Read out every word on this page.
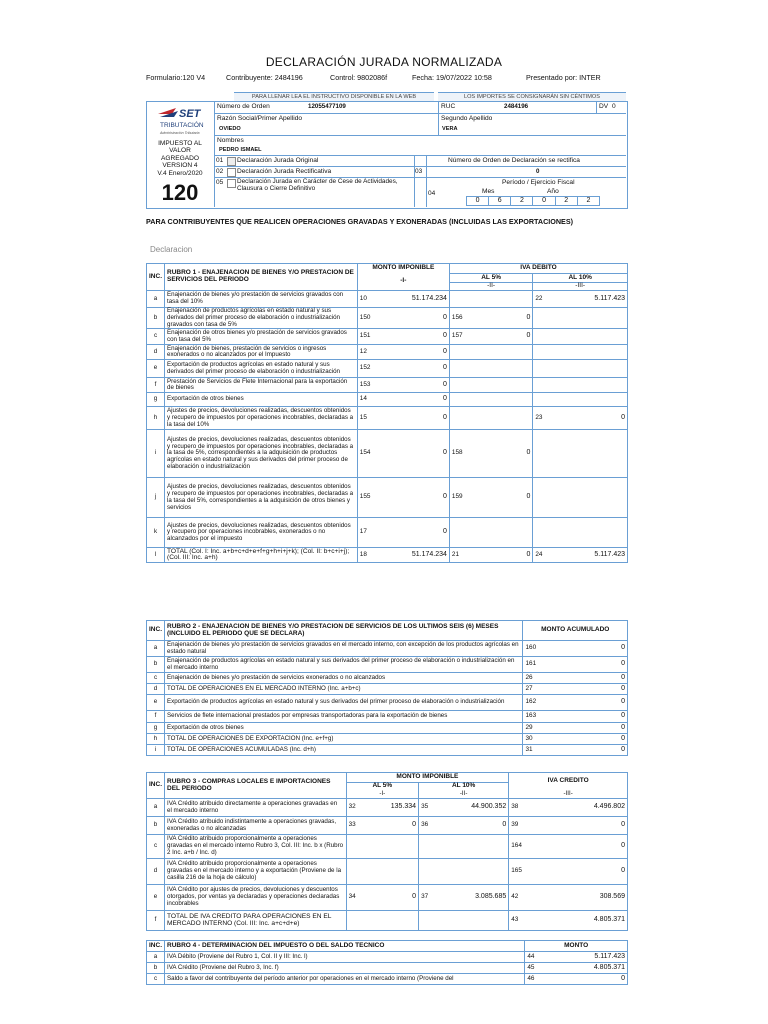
DECLARACIÓN JURADA NORMALIZADA
Formulario:120 V4	Contribuyente: 2484196	Control: 9802086f	Fecha: 19/07/2022 10:58	Presentado por: INTER
PARA LLENAR LEA EL INSTRUCTIVO DISPONIBLE EN LA WEB	LOS IMPORTES SE CONSIGNARÁN SIN CÉNTIMOS
SET
TRIBUTACIÓN
Administración Tributaria
IMPUESTO AL VALOR AGREGADO
VERSION 4
V.4 Enero/2020
120
Número de Orden	12055477109	RUC	2484196	DV 0
Razón Social/Primer Apellido
OVIEDO
Segundo Apellido
VERA
Nombres
PEDRO ISMAEL
01 Declaración Jurada Original
02 Declaración Jurada Rectificativa
05 Declaración Jurada en Carácter de Cese de Actividades, Clausura o Cierre Definitivo
Número de Orden de Declaración se rectifica
03	0
04
Período / Ejercicio Fiscal
Mes	Año
0	6	2	0	2	2
PARA CONTRIBUYENTES QUE REALICEN OPERACIONES GRAVADAS Y EXONERADAS (INCLUIDAS LAS EXPORTACIONES)
Declaracion
INC.	RUBRO 1 - ENAJENACION DE BIENES Y/O PRESTACION DE SERVICIOS DEL PERIODO	MONTO IMPONIBLE		IVA DEBITO			
		-I-		AL 5%		AL 10%	
				-II-		-III-	
a	Enajenación de bienes y/o prestación de servicios gravados con tasa del 10%	10	51.174.234			22	5.117.423
b	Enajenación de productos agrícolas en estado natural y sus derivados del primer proceso de elaboración o industrialización gravados con tasa de 5%	150	0	156	0		
c	Enajenación de otros bienes y/o prestación de servicios gravados con tasa del 5%	151	0	157	0		
d	Enajenación de bienes, prestación de servicios o ingresos exonerados o no alcanzados por el Impuesto	12	0				
e	Exportación de productos agrícolas en estado natural y sus derivados del primer proceso de elaboración o industrialización	152	0				
f	Prestación de Servicios de Flete Internacional para la exportación de bienes	153	0				
g	Exportación de otros bienes	14	0				
h	Ajustes de precios, devoluciones realizadas, descuentos obtenidos y recupero de impuestos por operaciones incobrables, declaradas a la tasa del 10%	15	0			23	0
i	Ajustes de precios, devoluciones realizadas, descuentos obtenidos y recupero de impuestos por operaciones incobrables, declaradas a la tasa de 5%, correspondientes a la adquisición de productos agrícolas en estado natural y sus derivados del primer proceso de elaboración o industrialización	154	0	158	0		
j	Ajustes de precios, devoluciones realizadas, descuentos obtenidos y recupero de impuestos por operaciones incobrables, declaradas a la tasa del 5%, correspondientes a la adquisición de otros bienes y servicios	155	0	159	0		
k	Ajustes de precios, devoluciones realizadas, descuentos obtenidos y recupero por operaciones incobrables, exonerados o no alcanzados por el impuesto	17	0				
l	TOTAL (Col. I: Inc. a+b+c+d+e+f+g+h+i+j+k); (Col. II: b+c+i+j); (Col. III: Inc. a+h)	18	51.174.234	21	0	24	5.117.423
INC.	RUBRO 2 - ENAJENACION DE BIENES Y/O PRESTACION DE SERVICIOS DE LOS ULTIMOS SEIS (6) MESES (INCLUIDO EL PERIODO QUE SE DECLARA)	MONTO ACUMULADO	
a	Enajenación de bienes y/o prestación de servicios gravados en el mercado interno, con excepción de los productos agrícolas en estado natural	160	0
b	Enajenación de productos agrícolas en estado natural y sus derivados del primer proceso de elaboración o industrialización en el mercado interno	161	0
c	Enajenación de bienes y/o prestación de servicios exonerados o no alcanzados	26	0
d	TOTAL DE OPERACIONES EN EL MERCADO INTERNO (Inc. a+b+c)	27	0
e	Exportación de productos agrícolas en estado natural y sus derivados del primer proceso de elaboración o industrialización	162	0
f	Servicios de flete internacional prestados por empresas transportadoras para la exportación de bienes	163	0
g	Exportación de otros bienes	29	0
h	TOTAL DE OPERACIONES DE EXPORTACION (Inc. e+f+g)	30	0
i	TOTAL DE OPERACIONES ACUMULADAS (Inc. d+h)	31	0
INC.	RUBRO 3 - COMPRAS LOCALES E IMPORTACIONES DEL PERIODO	MONTO IMPONIBLE				IVA CREDITO	
		AL 5%		AL 10%			
		-I-		-II-		-III-	
a	IVA Crédito atribuido directamente a operaciones gravadas en el mercado interno	32	135.334	35	44.900.352	38	4.496.802
b	IVA Crédito atribuido indistintamente a operaciones gravadas, exoneradas o no alcanzadas	33	0	36	0	39	0
c	IVA Crédito atribuido proporcionalmente a operaciones gravadas en el mercado interno Rubro 3, Col. III: Inc. b x (Rubro 2 Inc. a+b / Inc. d)					164	0
d	IVA Crédito atribuido proporcionalmente a operaciones gravadas en el mercado interno y a exportación (Proviene de la casilla 216 de la hoja de cálculo)					165	0
e	IVA Crédito por ajustes de precios, devoluciones y descuentos otorgados, por ventas ya declaradas y operaciones declaradas incobrables	34	0	37	3.085.685	42	308.569
f	TOTAL DE IVA CREDITO PARA OPERACIONES EN EL MERCADO INTERNO (Col. III: Inc. a+c+d+e)					43	4.805.371
INC.	RUBRO 4 - DETERMINACION DEL IMPUESTO O DEL SALDO TECNICO	MONTO	
a	IVA Débito (Proviene del Rubro 1, Col. II y III: Inc. l)	44	5.117.423
b	IVA Crédito (Proviene del Rubro 3, Inc. f)	45	4.805.371
c	Saldo a favor del contribuyente del período anterior por operaciones en el mercado interno (Proviene del	46	0
